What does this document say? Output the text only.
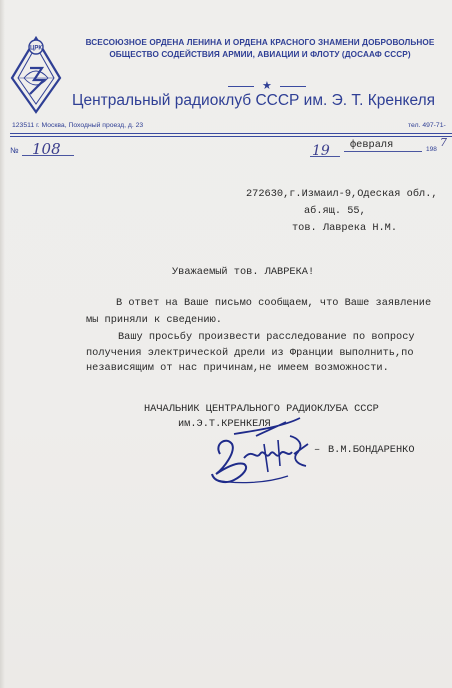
ЦРК
ВСЕСОЮЗНОЕ ОРДЕНА ЛЕНИНА И ОРДЕНА КРАСНОГО ЗНАМЕНИ ДОБРОВОЛЬНОЕ
ОБЩЕСТВО СОДЕЙСТВИЯ АРМИИ, АВИАЦИИ И ФЛОТУ (ДОСААФ СССР)
★
Центральный радиоклуб СССР им. Э. Т. Кренкеля
123511 г. Москва, Походный проезд, д. 23	тел. 497-71-
№ 108	19 февраля	198
7
272630,г.Измаил-9,Одеская обл.,
аб.ящ. 55,
тов. Лаврека Н.М.
Уважаемый тов. ЛАВРЕКА!
В ответ на Ваше письмо сообщаем, что Ваше заявление
мы приняли к сведению.
Вашу просьбу произвести расследование по вопросу
получения электрической дрели из Франции выполнить,по
независящим от нас причинам,не имеем возможности.
НАЧАЛЬНИК ЦЕНТРАЛЬНОГО РАДИОКЛУБА СССР
им.Э.Т.КРЕНКЕЛЯ
– В.М.БОНДАРЕНКО
